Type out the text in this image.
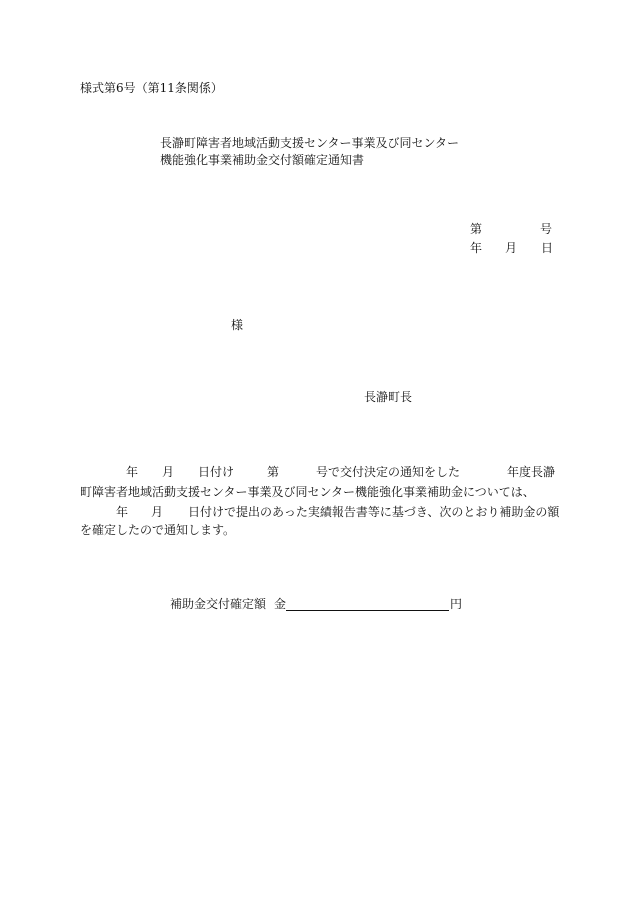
様式第6号（第11条関係）
長瀞町障害者地域活動支援センター事業及び同センター
機能強化事業補助金交付額確定通知書
第	号
年 月 日
様
長瀞町長
年 月 日付け	第	号で交付決定の通知をした	年度長瀞
町障害者地域活動支援センター事業及び同センター機能強化事業補助金については、
年 月 日付けで提出のあった実績報告書等に基づき、次のとおり補助金の額
を確定したので通知します。
補助金交付確定額 金	円
